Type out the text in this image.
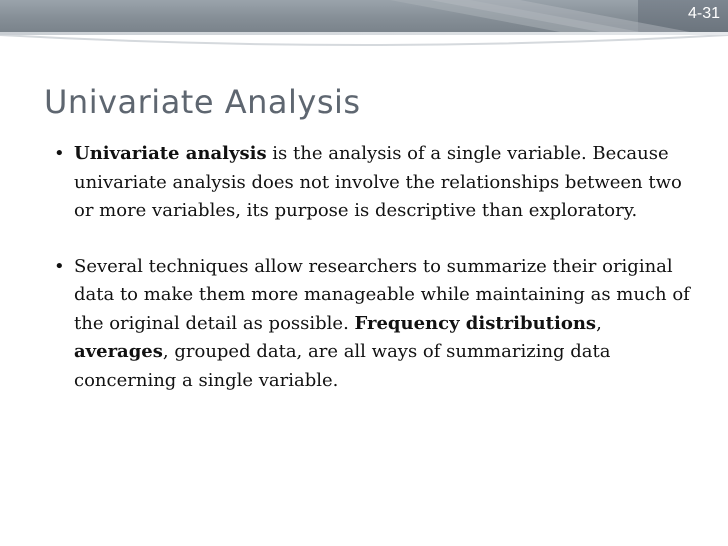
4-31
Univariate Analysis
• Univariate analysis is the analysis of a single variable. Because univariate analysis does not involve the relationships between two or more variables, its purpose is descriptive than exploratory.
• Several techniques allow researchers to summarize their original data to make them more manageable while maintaining as much of the original detail as possible. Frequency distributions, averages, grouped data, are all ways of summarizing data concerning a single variable.
